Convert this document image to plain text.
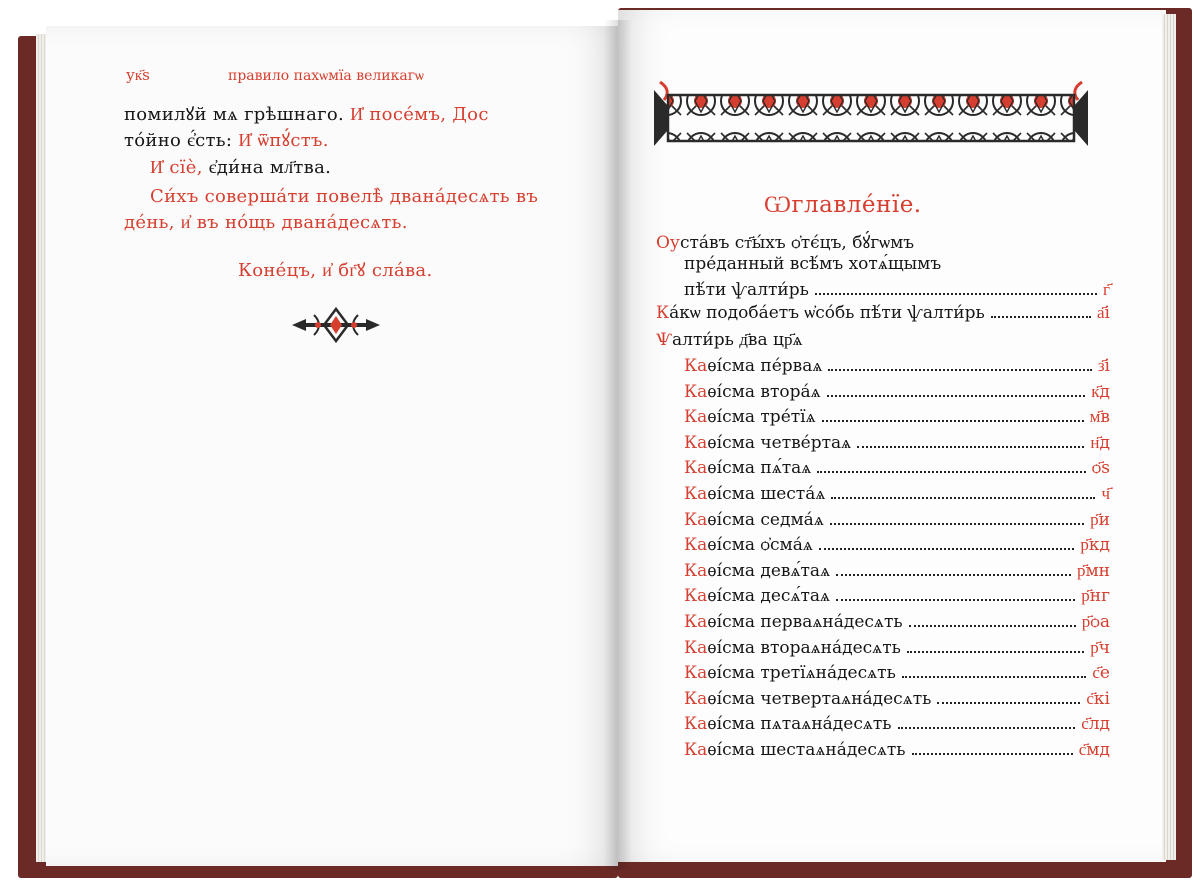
ук҃ѕ	правило пахѡмїа великагѡ
помилꙋй мѧ грѣшнаго. И҆ посе́мъ, Дос
то́йно є҆́сть: И҆ ѿпꙋ́стъ.
И҆ сїѐ, є҆ди́на мл҃тва.
Си́хъ соверша́ти повелѣ̀ двана́десѧть въ
де́нь, и҆ въ но́щь двана́десѧть.
Коне́цъ, и҆ бг҃ꙋ сла́ва.
Ѡглавле́нїе.
Оу ста́въ ст҃ы́хъ ѻ҆тє́цъ, бꙋ́гѡмъ
пре́данный всѣ́мъ хотѧ́щымъ
пѣ́ти ѱалти́рь	г҃
К а́кѡ подоба́етъ ѡ҆со́бь пѣ́ти ѱалти́рь	а҃і
Ѱ алти́рь д҃ва цр҃ѧ
Ка ѳі́сма пе́рваѧ	з҃і
Ка ѳі́сма втора́ѧ	к҃д
Ка ѳі́сма тре́тїѧ	м҃в
Ка ѳі́сма четве́ртаѧ	н҃д
Ка ѳі́сма пѧ́таѧ	ѻ҃ѕ
Ка ѳі́сма шеста́ѧ	ч҃
Ка ѳі́сма седма́ѧ	р҃и
Ка ѳі́сма ѻ҆сма́ѧ	р҃кд
Ка ѳі́сма девѧ́таѧ	р҃мн
Ка ѳі́сма десѧ́таѧ	р҃нг
Ка ѳі́сма перваѧна́десѧть	р҃ѻа
Ка ѳі́сма втораѧна́десѧть	р҃ч
Ка ѳі́сма третїѧна́десѧть	с҃е
Ка ѳі́сма четвертаѧна́десѧть	с҃кі
Ка ѳі́сма пѧтаѧна́десѧть	с҃лд
Ка ѳі́сма шестаѧна́десѧть	с҃мд
